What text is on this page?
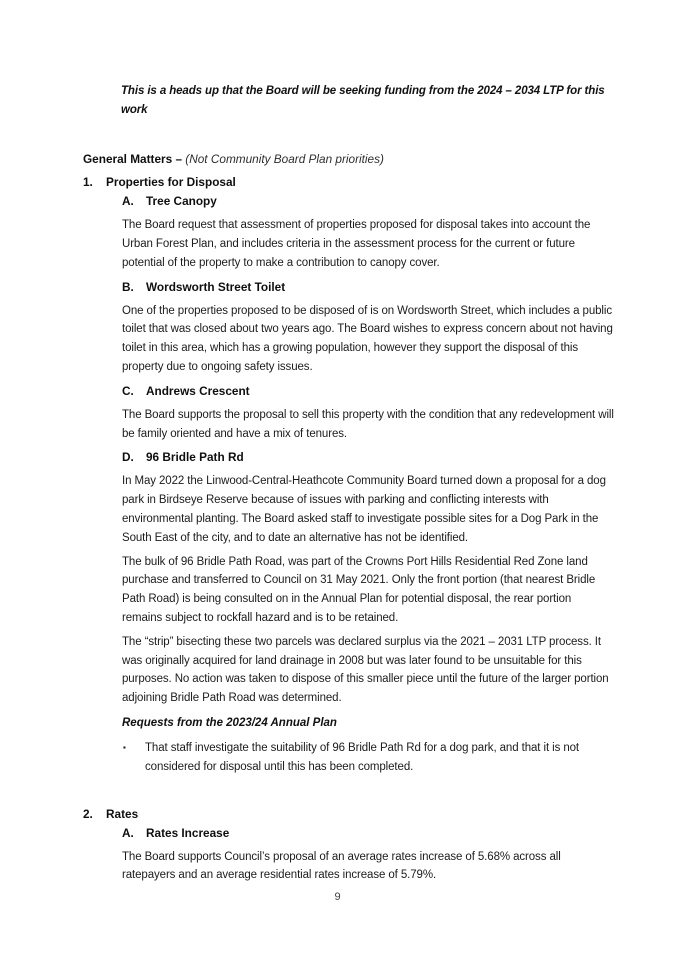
This is a heads up that the Board will be seeking funding from the 2024 – 2034 LTP for this work

General Matters – (Not Community Board Plan priorities)

1.	Properties for Disposal
A.	Tree Canopy

The Board request that assessment of properties proposed for disposal takes into account the Urban Forest Plan, and includes criteria in the assessment process for the current or future potential of the property to make a contribution to canopy cover.

B.	Wordsworth Street Toilet

One of the properties proposed to be disposed of is on Wordsworth Street, which includes a public toilet that was closed about two years ago. The Board wishes to express concern about not having toilet in this area, which has a growing population, however they support the disposal of this property due to ongoing safety issues.

C.	Andrews Crescent

The Board supports the proposal to sell this property with the condition that any redevelopment will be family oriented and have a mix of tenures.

D.	96 Bridle Path Rd

In May 2022 the Linwood-Central-Heathcote Community Board turned down a proposal for a dog park in Birdseye Reserve because of issues with parking and conflicting interests with environmental planting. The Board asked staff to investigate possible sites for a Dog Park in the South East of the city, and to date an alternative has not be identified.

The bulk of 96 Bridle Path Road, was part of the Crowns Port Hills Residential Red Zone land purchase and transferred to Council on 31 May 2021. Only the front portion (that nearest Bridle Path Road) is being consulted on in the Annual Plan for potential disposal, the rear portion remains subject to rockfall hazard and is to be retained.

The “strip” bisecting these two parcels was declared surplus via the 2021 – 2031 LTP process. It was originally acquired for land drainage in 2008 but was later found to be unsuitable for this purposes. No action was taken to dispose of this smaller piece until the future of the larger portion adjoining Bridle Path Road was determined.

Requests from the 2023/24 Annual Plan

▪	That staff investigate the suitability of 96 Bridle Path Rd for a dog park, and that it is not considered for disposal until this has been completed.
2.	Rates
A.	Rates Increase

The Board supports Council’s proposal of an average rates increase of 5.68% across all ratepayers and an average residential rates increase of 5.79%.

9
